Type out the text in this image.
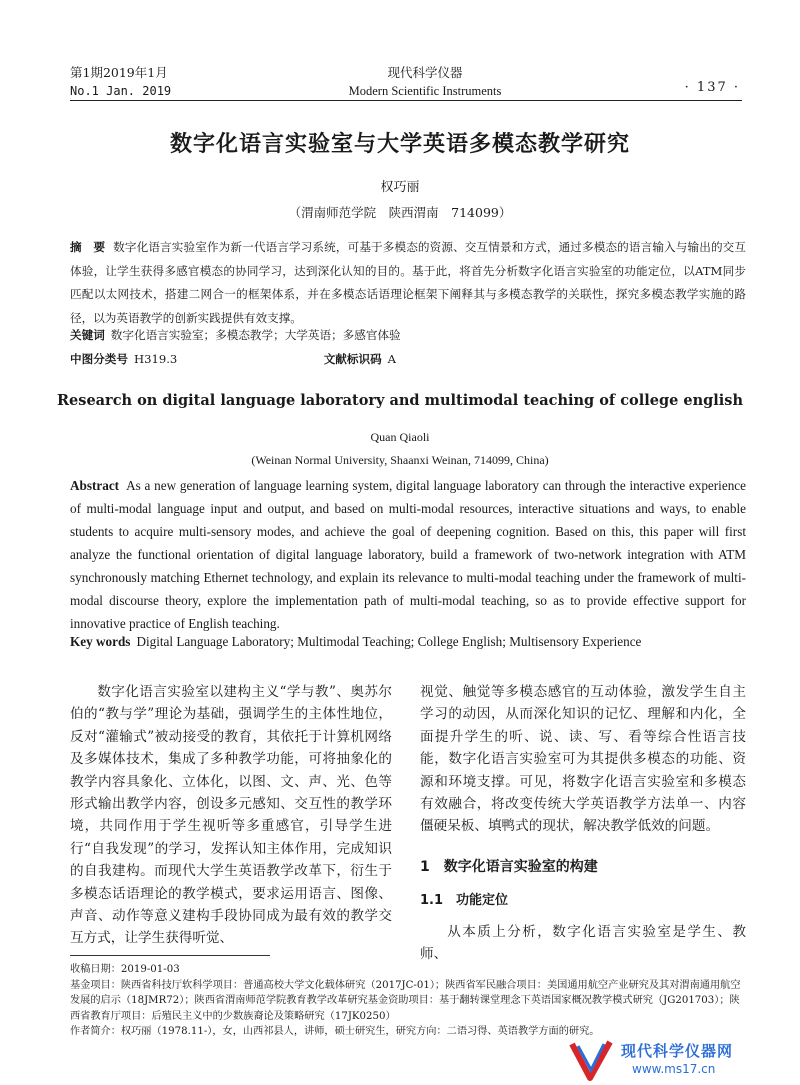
第1期2019年1月
No.1 Jan. 2019
现代科学仪器
Modern Scientific Instruments	· 137 ·
数字化语言实验室与大学英语多模态教学研究
权巧丽
（渭南师范学院　陕西渭南　714099）
摘　要 数字化语言实验室作为新一代语言学习系统，可基于多模态的资源、交互情景和方式，通过多模态的语言输入与输出的交互体验，让学生获得多感官模态的协同学习，达到深化认知的目的。基于此，将首先分析数字化语言实验室的功能定位，以ATM同步匹配以太网技术，搭建二网合一的框架体系，并在多模态话语理论框架下阐释其与多模态教学的关联性，探究多模态教学实施的路径，以为英语教学的创新实践提供有效支撑。
关键词 数字化语言实验室；多模态教学；大学英语；多感官体验
中图分类号 H319.3	文献标识码 A
Research on digital language laboratory and multimodal teaching of college english
Quan Qiaoli
(Weinan Normal University, Shaanxi Weinan, 714099, China)
Abstract As a new generation of language learning system, digital language laboratory can through the interactive experience of multi-modal language input and output, and based on multi-modal resources, interactive situations and ways, to enable students to acquire multi-sensory modes, and achieve the goal of deepening cognition. Based on this, this paper will first analyze the functional orientation of digital language laboratory, build a framework of two-network integration with ATM synchronously matching Ethernet technology, and explain its relevance to multi-modal teaching under the framework of multi-modal discourse theory, explore the implementation path of multi-modal teaching, so as to provide effective support for innovative practice of English teaching.
Key words Digital Language Laboratory; Multimodal Teaching; College English; Multisensory Experience

数字化语言实验室以建构主义“学与教”、奥苏尔伯的“教与学”理论为基础，强调学生的主体性地位，反对“灌输式”被动接受的教育，其依托于计算机网络及多媒体技术，集成了多种教学功能，可将抽象化的教学内容具象化、立体化，以图、文、声、光、色等形式输出教学内容，创设多元感知、交互性的教学环境，共同作用于学生视听等多重感官，引导学生进行“自我发现”的学习，发挥认知主体作用，完成知识的自我建构。而现代大学生英语教学改革下，衍生于多模态话语理论的教学模式，要求运用语言、图像、声音、动作等意义建构手段协同成为最有效的教学交互方式，让学生获得听觉、

视觉、触觉等多模态感官的互动体验，激发学生自主学习的动因，从而深化知识的记忆、理解和内化，全面提升学生的听、说、读、写、看等综合性语言技能，数字化语言实验室可为其提供多模态的功能、资源和环境支撑。可见，将数字化语言实验室和多模态有效融合，将改变传统大学英语教学方法单一、内容僵硬呆板、填鸭式的现状，解决教学低效的问题。

1　数字化语言实验室的构建
1.1　功能定位

从本质上分析，数字化语言实验室是学生、教师、

收稿日期：2019-01-03

基金项目：陕西省科技厅软科学项目：普通高校大学文化载体研究（2017JC-01）；陕西省军民融合项目：美国通用航空产业研究及其对渭南通用航空发展的启示（18JMR72）；陕西省渭南师范学院教育教学改革研究基金资助项目：基于翻转课堂理念下英语国家概况教学模式研究（JG201703）；陕西省教育厅项目：后殖民主义中的少数族裔论及策略研究（17JK0250）

作者简介：权巧丽（1978.11-），女，山西祁县人，讲师，硕士研究生，研究方向：二语习得、英语教学方面的研究。

现代科学仪器网
www.ms17.cn
